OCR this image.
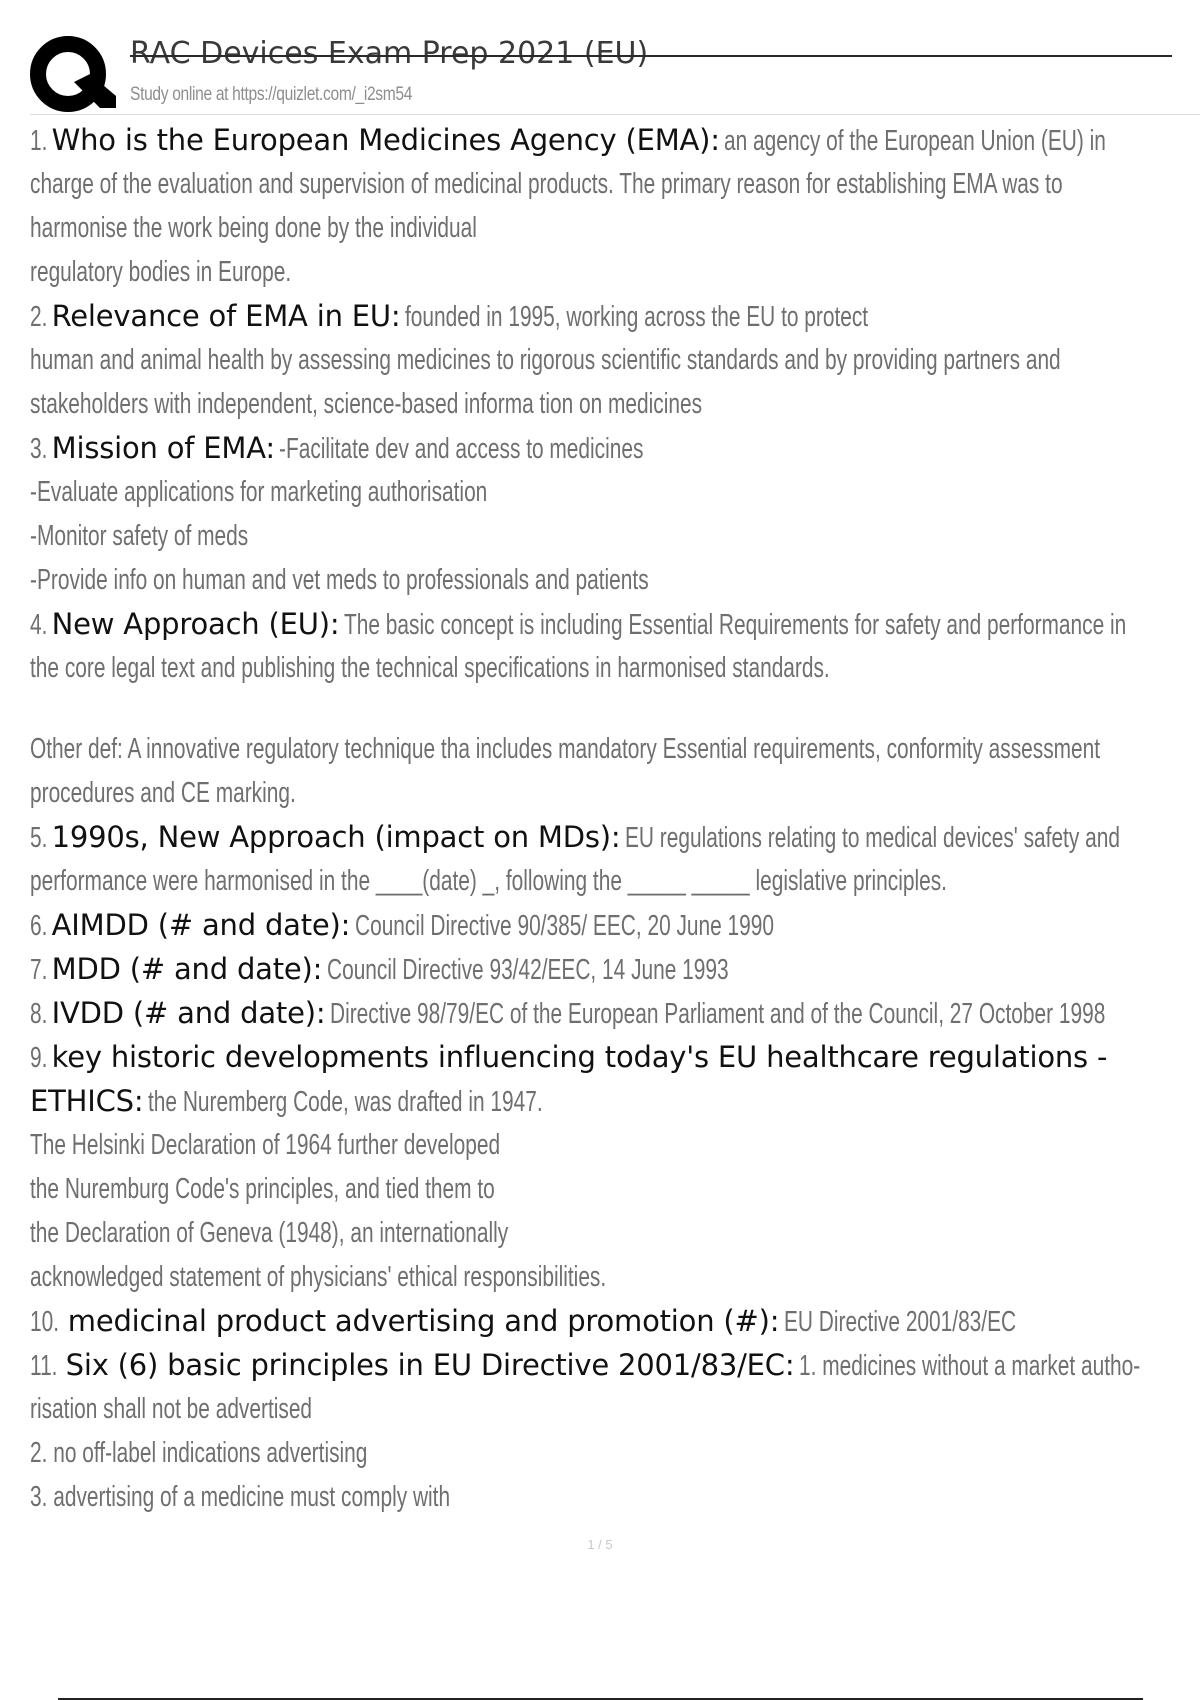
RAC Devices Exam Prep 2021 (EU)
Study online at https://quizlet.com/_i2sm54
1. Who is the European Medicines Agency (EMA): an agency of the European Union (EU) in
charge of the evaluation and supervision of medicinal products. The primary reason for establishing EMA was to
harmonise the work being done by the individual
regulatory bodies in Europe.
2. Relevance of EMA in EU: founded in 1995, working across the EU to protect
human and animal health by assessing medicines to rigorous scientific standards and by providing partners and
stakeholders with independent, science-based informa tion on medicines
3. Mission of EMA: -Facilitate dev and access to medicines
-Evaluate applications for marketing authorisation
-Monitor safety of meds
-Provide info on human and vet meds to professionals and patients
4. New Approach (EU): The basic concept is including Essential Requirements for safety and performance in
the core legal text and publishing the technical specifications in harmonised standards.
Other def: A innovative regulatory technique tha includes mandatory Essential requirements, conformity assessment
procedures and CE marking.
5. 1990s, New Approach (impact on MDs): EU regulations relating to medical devices' safety and
performance were harmonised in the ____(date) _, following the _____ _____ legislative principles.
6. AIMDD (# and date): Council Directive 90/385/ EEC, 20 June 1990
7. MDD (# and date): Council Directive 93/42/EEC, 14 June 1993
8. IVDD (# and date): Directive 98/79/EC of the European Parliament and of the Council, 27 October 1998
9. key historic developments influencing today's EU healthcare regulations -
ETHICS: the Nuremberg Code, was drafted in 1947.
The Helsinki Declaration of 1964 further developed
the Nuremburg Code's principles, and tied them to
the Declaration of Geneva (1948), an internationally
acknowledged statement of physicians' ethical responsibilities.
10. medicinal product advertising and promotion (#): EU Directive 2001/83/EC
11. Six (6) basic principles in EU Directive 2001/83/EC: 1. medicines without a market autho-
risation shall not be advertised
2. no off-label indications advertising
3. advertising of a medicine must comply with
1 / 5
